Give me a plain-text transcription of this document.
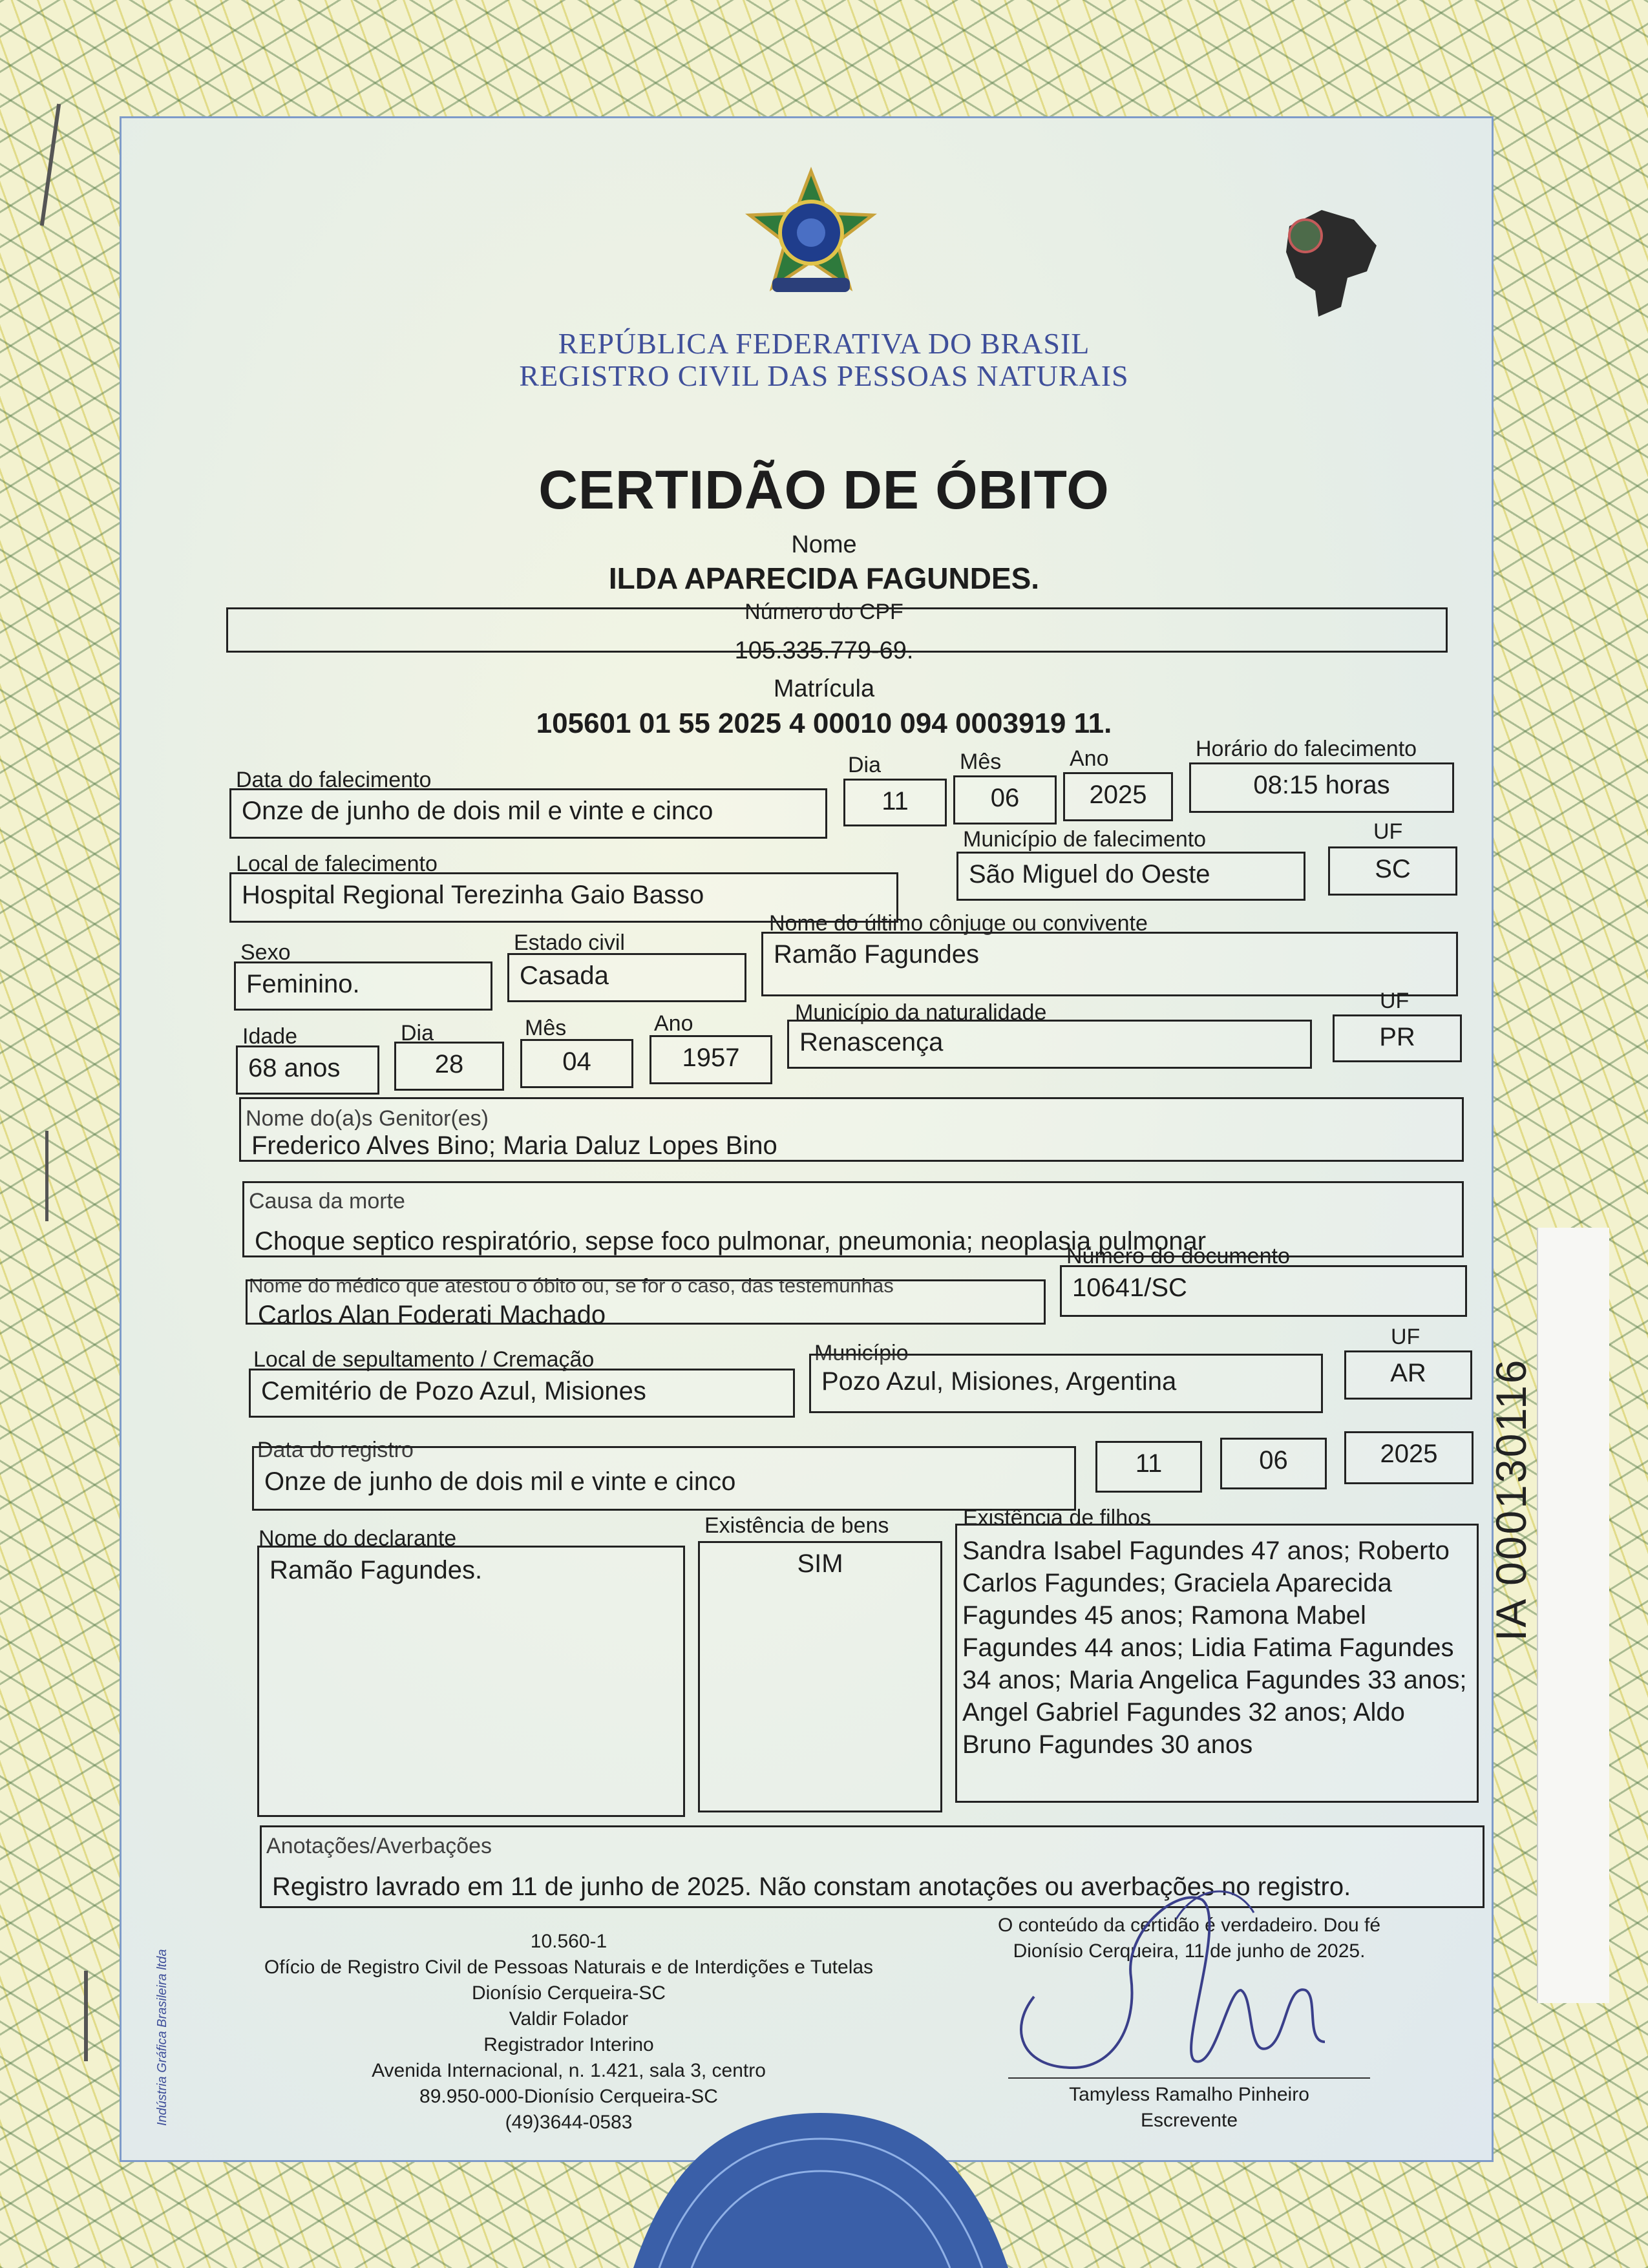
REPÚBLICA FEDERATIVA DO BRASIL
REGISTRO CIVIL DAS PESSOAS NATURAIS
CERTIDÃO DE ÓBITO
Nome
ILDA APARECIDA FAGUNDES.
Número do CPF
105.335.779-69.
Matrícula
105601 01 55 2025 4 00010 094 0003919 11.
Data do falecimento
Onze de junho de dois mil e vinte e cinco
Dia
11
Mês
06
Ano
2025
Horário do falecimento
08:15 horas
Local de falecimento
Hospital Regional Terezinha Gaio Basso
Município de falecimento
São Miguel do Oeste
UF
SC
Sexo
Feminino.
Estado civil
Casada
Nome do último cônjuge ou convivente
Ramão Fagundes
Idade
68 anos
Dia
28
Mês
04
Ano
1957
Município da naturalidade
Renascença
UF
PR
Nome do(a)s Genitor(es)
Frederico Alves Bino; Maria Daluz Lopes Bino
Causa da morte
Choque septico respiratório, sepse foco pulmonar, pneumonia; neoplasia pulmonar
Nome do médico que atestou o óbito ou, se for o caso, das testemunhas
Carlos Alan Foderati Machado
Número do documento
10641/SC
Local de sepultamento / Cremação
Cemitério de Pozo Azul, Misiones
Município
Pozo Azul, Misiones, Argentina
UF
AR
Data do registro
Onze de junho de dois mil e vinte e cinco
11	06	2025
Nome do declarante
Ramão Fagundes.
Existência de bens
SIM
Existência de filhos
Sandra Isabel Fagundes 47 anos; Roberto Carlos Fagundes; Graciela Aparecida Fagundes 45 anos; Ramona Mabel Fagundes 44 anos; Lidia Fatima Fagundes 34 anos; Maria Angelica Fagundes 33 anos; Angel Gabriel Fagundes 32 anos; Aldo Bruno Fagundes 30 anos
Anotações/Averbações
Registro lavrado em 11 de junho de 2025. Não constam anotações ou averbações no registro.
10.560-1
Ofício de Registro Civil de Pessoas Naturais e de Interdições e Tutelas
Dionísio Cerqueira-SC
Valdir Folador
Registrador Interino
Avenida Internacional, n. 1.421, sala 3, centro
89.950-000-Dionísio Cerqueira-SC
(49)3644-0583
O conteúdo da certidão é verdadeiro. Dou fé
Dionísio Cerqueira, 11 de junho de 2025.
Tamyless Ramalho Pinheiro
Escrevente
IA 000130116
Indústria Gráfica Brasileira ltda
